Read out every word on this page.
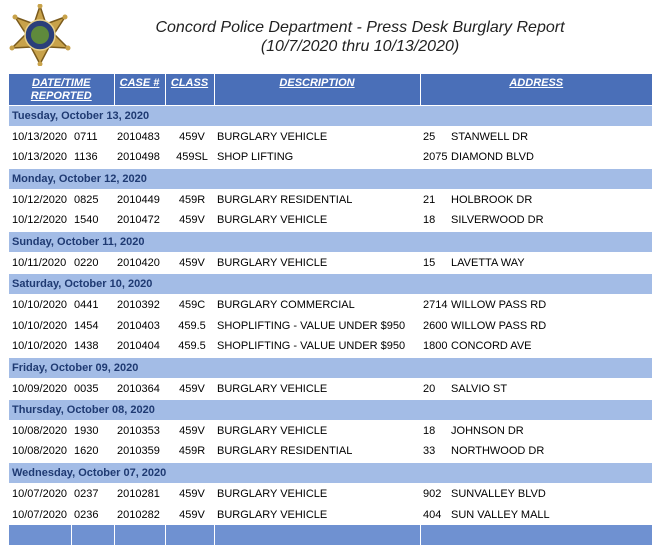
Concord Police Department - Press Desk Burglary Report
(10/7/2020 thru 10/13/2020)
DATE/TIME
REPORTED		CASE #	CLASS	DESCRIPTION	ADDRESS
Tuesday, October 13, 2020					
10/13/2020	0711	2010483	459V	BURGLARY VEHICLE	25 STANWELL DR
10/13/2020	1136	2010498	459SL	SHOP LIFTING	2075 DIAMOND BLVD
Monday, October 12, 2020					
10/12/2020	0825	2010449	459R	BURGLARY RESIDENTIAL	21 HOLBROOK DR
10/12/2020	1540	2010472	459V	BURGLARY VEHICLE	18 SILVERWOOD DR
Sunday, October 11, 2020					
10/11/2020	0220	2010420	459V	BURGLARY VEHICLE	15 LAVETTA WAY
Saturday, October 10, 2020					
10/10/2020	0441	2010392	459C	BURGLARY COMMERCIAL	2714 WILLOW PASS RD
10/10/2020	1454	2010403	459.5	SHOPLIFTING - VALUE UNDER $950	2600 WILLOW PASS RD
10/10/2020	1438	2010404	459.5	SHOPLIFTING - VALUE UNDER $950	1800 CONCORD AVE
Friday, October 09, 2020					
10/09/2020	0035	2010364	459V	BURGLARY VEHICLE	20 SALVIO ST
Thursday, October 08, 2020					
10/08/2020	1930	2010353	459V	BURGLARY VEHICLE	18 JOHNSON DR
10/08/2020	1620	2010359	459R	BURGLARY RESIDENTIAL	33 NORTHWOOD DR
Wednesday, October 07, 2020					
10/07/2020	0237	2010281	459V	BURGLARY VEHICLE	902 SUNVALLEY BLVD
10/07/2020	0236	2010282	459V	BURGLARY VEHICLE	404 SUN VALLEY MALL
